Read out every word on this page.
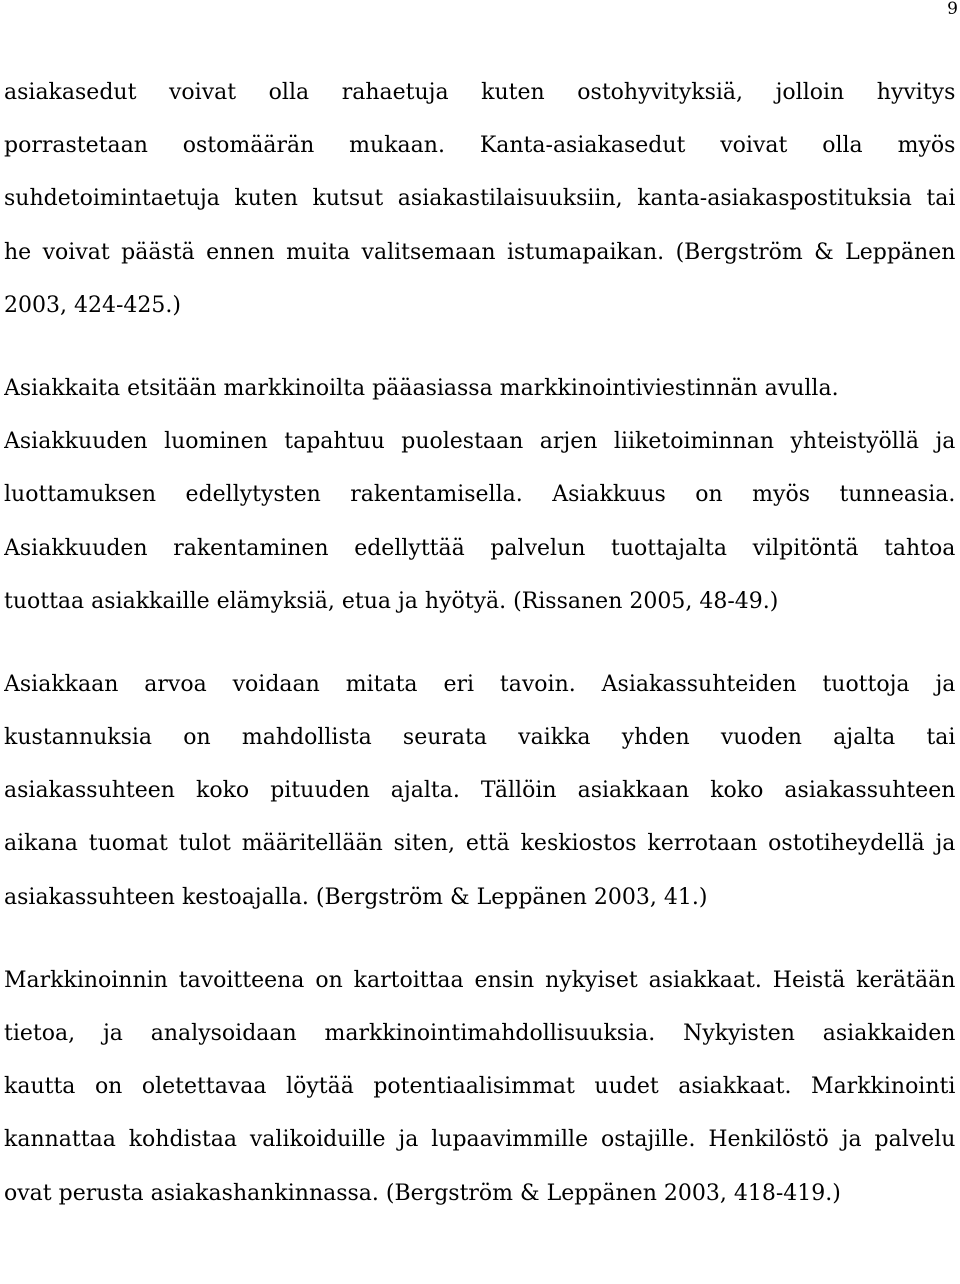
9
asiakasedut voivat olla rahaetuja kuten ostohyvityksiä, jolloin hyvitys
porrastetaan ostomäärän mukaan. Kanta-asiakasedut voivat olla myös
suhdetoimintaetuja kuten kutsut asiakastilaisuuksiin, kanta-asiakaspostituksia tai
he voivat päästä ennen muita valitsemaan istumapaikan. (Bergström & Leppänen
2003, 424-425.)
Asiakkaita etsitään markkinoilta pääasiassa markkinointiviestinnän avulla.
Asiakkuuden luominen tapahtuu puolestaan arjen liiketoiminnan yhteistyöllä ja
luottamuksen edellytysten rakentamisella. Asiakkuus on myös tunneasia.
Asiakkuuden rakentaminen edellyttää palvelun tuottajalta vilpitöntä tahtoa
tuottaa asiakkaille elämyksiä, etua ja hyötyä. (Rissanen 2005, 48-49.)
Asiakkaan arvoa voidaan mitata eri tavoin. Asiakassuhteiden tuottoja ja
kustannuksia on mahdollista seurata vaikka yhden vuoden ajalta tai
asiakassuhteen koko pituuden ajalta. Tällöin asiakkaan koko asiakassuhteen
aikana tuomat tulot määritellään siten, että keskiostos kerrotaan ostotiheydellä ja
asiakassuhteen kestoajalla. (Bergström & Leppänen 2003, 41.)
Markkinoinnin tavoitteena on kartoittaa ensin nykyiset asiakkaat. Heistä kerätään
tietoa, ja analysoidaan markkinointimahdollisuuksia. Nykyisten asiakkaiden
kautta on oletettavaa löytää potentiaalisimmat uudet asiakkaat. Markkinointi
kannattaa kohdistaa valikoiduille ja lupaavimmille ostajille. Henkilöstö ja palvelu
ovat perusta asiakashankinnassa. (Bergström & Leppänen 2003, 418-419.)
